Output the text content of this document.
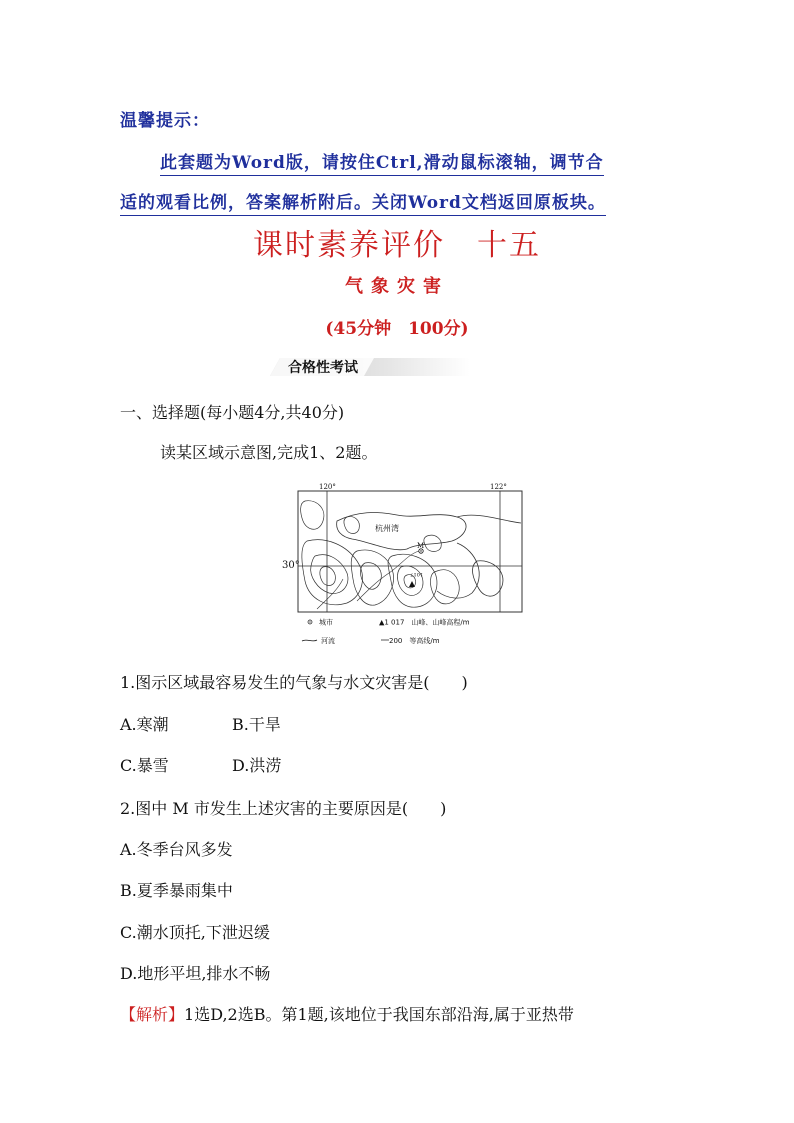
温馨提示：
此套题为Word版，请按住Ctrl,滑动鼠标滚轴，调节合
适的观看比例，答案解析附后。关闭Word文档返回原板块。
课时素养评价　十五
气象灾害
(45分钟　100分)
合格性考试
一、选择题(每小题4分,共40分)
读某区域示意图,完成1、2题。
M
1017
杭州湾
120°	122°
城市	▲1 017　山峰、山峰高程/m
河流	200　等高线/m
30°
1.图示区域最容易发生的气象与水文灾害是(　　)
A.寒潮	B.干旱
C.暴雪	D.洪涝
2.图中 M 市发生上述灾害的主要原因是(　　)
A.冬季台风多发
B.夏季暴雨集中
C.潮水顶托,下泄迟缓
D.地形平坦,排水不畅
【解析】1选D,2选B。第1题,该地位于我国东部沿海,属于亚热带
